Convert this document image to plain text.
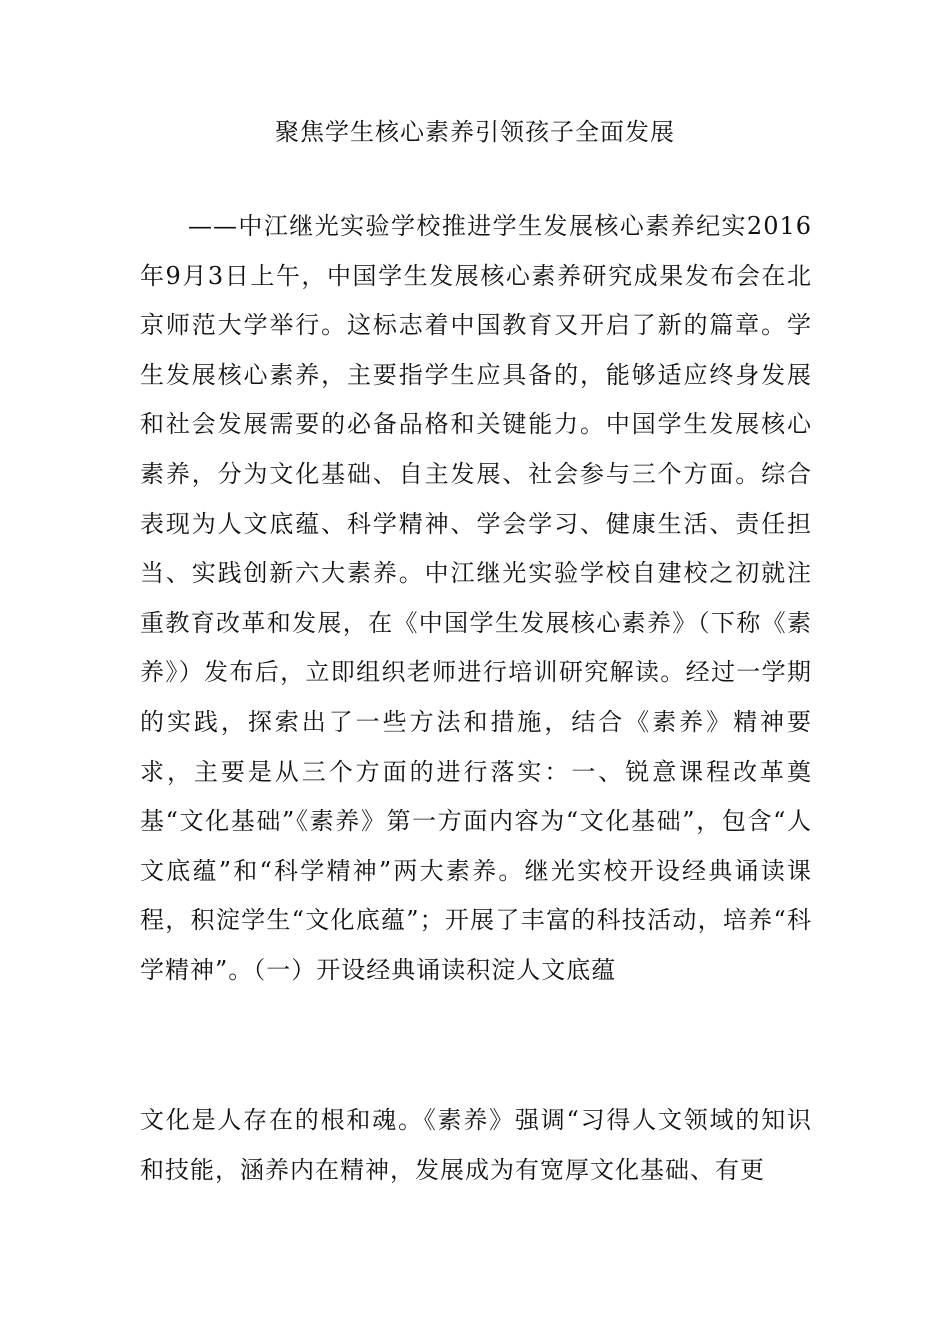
聚焦学生核心素养引领孩子全面发展

——中江继光实验学校推进学生发展核心素养纪实2016年9月3日上午，中国学生发展核心素养研究成果发布会在北京师范大学举行。这标志着中国教育又开启了新的篇章。学生发展核心素养，主要指学生应具备的，能够适应终身发展和社会发展需要的必备品格和关键能力。中国学生发展核心素养，分为文化基础、自主发展、社会参与三个方面。综合表现为人文底蕴、科学精神、学会学习、健康生活、责任担当、实践创新六大素养。中江继光实验学校自建校之初就注重教育改革和发展，在《中国学生发展核心素养》（下称《素养》）发布后，立即组织老师进行培训研究解读。经过一学期的实践，探索出了一些方法和措施，结合《素养》精神要求，主要是从三个方面的进行落实：一、锐意课程改革奠基“文化基础”《素养》第一方面内容为“文化基础”，包含“人文底蕴”和“科学精神”两大素养。继光实校开设经典诵读课程，积淀学生“文化底蕴”；开展了丰富的科技活动，培养“科学精神”。（一）开设经典诵读积淀人文底蕴

文化是人存在的根和魂。《素养》强调“习得人文领域的知识和技能，涵养内在精神，发展成为有宽厚文化基础、有更
